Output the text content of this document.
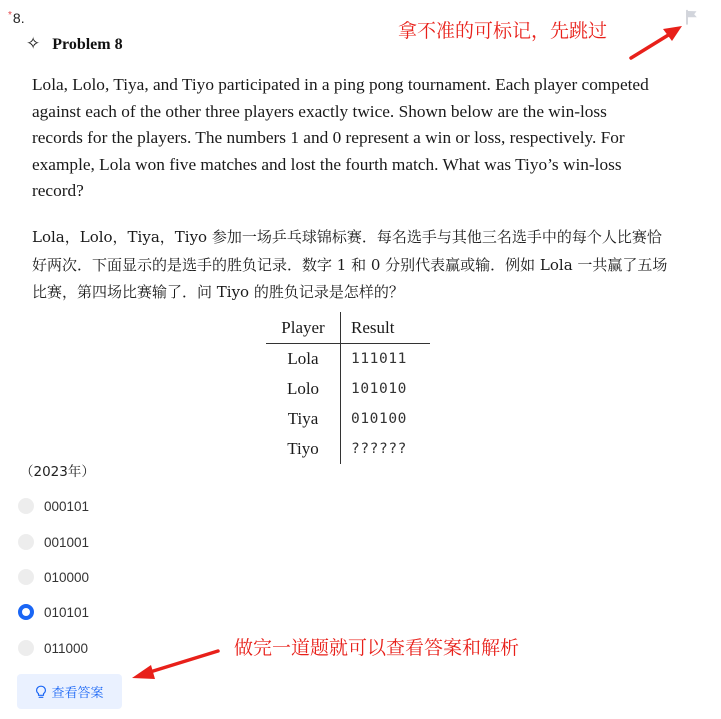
*8.
拿不准的可标记，先跳过
✧ Problem 8

Lola, Lolo, Tiya, and Tiyo participated in a ping pong tournament. Each player competed against each of the other three players exactly twice. Shown below are the win-loss records for the players. The numbers 1 and 0 represent a win or loss, respectively. For example, Lola won five matches and lost the fourth match. What was Tiyo’s win-loss record?

Lola，Lolo，Tiya，Tiyo 参加一场乒乓球锦标赛．每名选手与其他三名选手中的每个人比赛恰好两次．下面显示的是选手的胜负记录．数字 1 和 0 分别代表赢或输．例如 Lola 一共赢了五场比赛，第四场比赛输了．问 Tiyo 的胜负记录是怎样的？

Player	Result
Lola	111011
Lolo	101010
Tiya	010100
Tiyo	??????
（2023年）
000101
001001
010000
010101
011000	做完一道题就可以查看答案和解析
查看答案
